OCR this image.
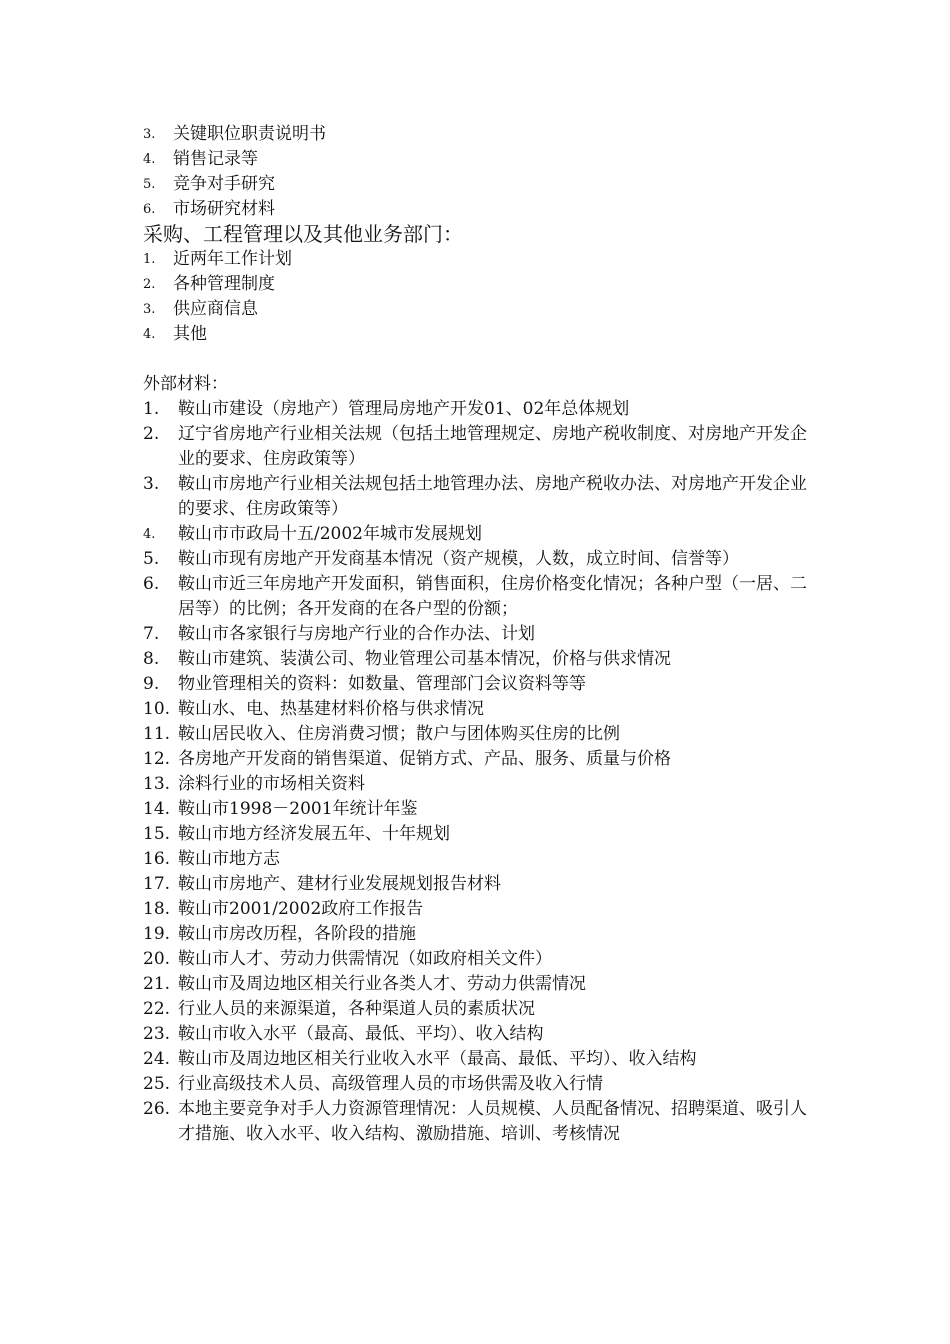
3.	关键职位职责说明书
4.	销售记录等
5.	竞争对手研究
6.	市场研究材料
采购、工程管理以及其他业务部门：
1.	近两年工作计划
2.	各种管理制度
3.	供应商信息
4.	其他
外部材料：
1.	鞍山市建设（房地产）管理局房地产开发01、02年总体规划
2.	辽宁省房地产行业相关法规（包括土地管理规定、房地产税收制度、对房地产开发企业的要求、住房政策等）
3.	鞍山市房地产行业相关法规包括土地管理办法、房地产税收办法、对房地产开发企业的要求、住房政策等）
4.	鞍山市市政局十五/2002年城市发展规划
5.	鞍山市现有房地产开发商基本情况（资产规模，人数，成立时间、信誉等）
6.	鞍山市近三年房地产开发面积，销售面积，住房价格变化情况；各种户型（一居、二居等）的比例；各开发商的在各户型的份额；
7.	鞍山市各家银行与房地产行业的合作办法、计划
8.	鞍山市建筑、装潢公司、物业管理公司基本情况，价格与供求情况
9.	物业管理相关的资料：如数量、管理部门会议资料等等
10. 鞍山水、电、热基建材料价格与供求情况
11. 鞍山居民收入、住房消费习惯；散户与团体购买住房的比例
12. 各房地产开发商的销售渠道、促销方式、产品、服务、质量与价格
13. 涂料行业的市场相关资料
14. 鞍山市1998－2001年统计年鉴
15. 鞍山市地方经济发展五年、十年规划
16. 鞍山市地方志
17. 鞍山市房地产、建材行业发展规划报告材料
18. 鞍山市2001/2002政府工作报告
19. 鞍山市房改历程，各阶段的措施
20. 鞍山市人才、劳动力供需情况（如政府相关文件）
21. 鞍山市及周边地区相关行业各类人才、劳动力供需情况
22. 行业人员的来源渠道，各种渠道人员的素质状况
23. 鞍山市收入水平（最高、最低、平均）、收入结构
24. 鞍山市及周边地区相关行业收入水平（最高、最低、平均）、收入结构
25. 行业高级技术人员、高级管理人员的市场供需及收入行情
26. 本地主要竞争对手人力资源管理情况：人员规模、人员配备情况、招聘渠道、吸引人才措施、收入水平、收入结构、激励措施、培训、考核情况
